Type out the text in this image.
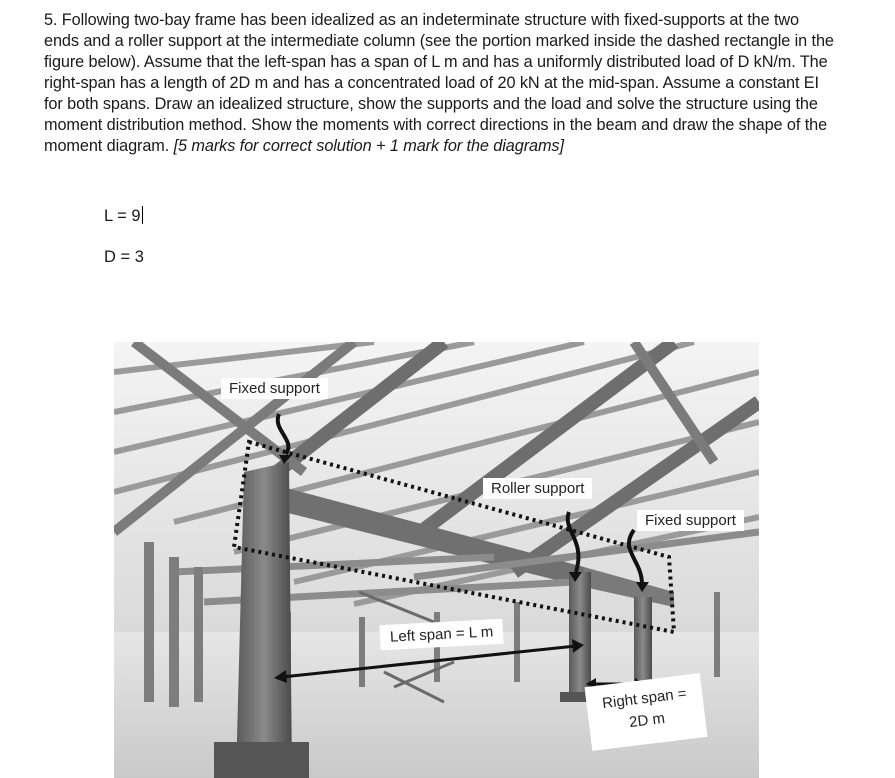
5. Following two-bay frame has been idealized as an indeterminate structure with fixed-supports at the two ends and a roller support at the intermediate column (see the portion marked inside the dashed rectangle in the figure below). Assume that the left-span has a span of L m and has a uniformly distributed load of D kN/m. The right-span has a length of 2D m and has a concentrated load of 20 kN at the mid-span. Assume a constant EI for both spans. Draw an idealized structure, show the supports and the load and solve the structure using the moment distribution method. Show the moments with correct directions in the beam and draw the shape of the moment diagram. [5 marks for correct solution + 1 mark for the diagrams]

L = 9
D = 3
Fixed support
Roller support
Fixed support
Left span = L m
Right span =
2D m
